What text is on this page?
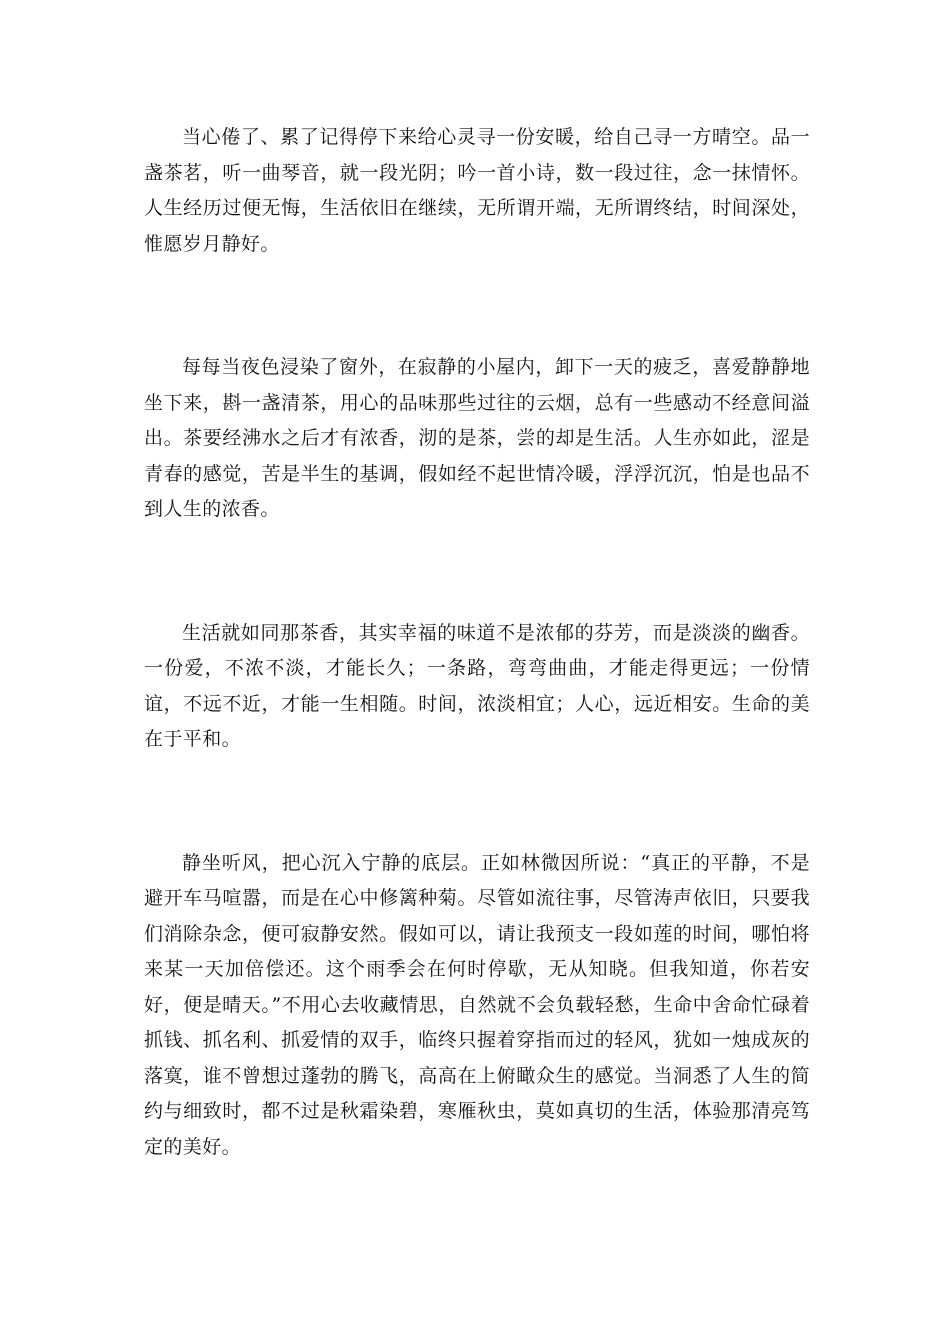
当心倦了、累了记得停下来给心灵寻一份安暖，给自己寻一方晴空。品一盏茶茗，听一曲琴音，就一段光阴；吟一首小诗，数一段过往，念一抹情怀。人生经历过便无悔，生活依旧在继续，无所谓开端，无所谓终结，时间深处，惟愿岁月静好。

每每当夜色浸染了窗外，在寂静的小屋内，卸下一天的疲乏，喜爱静静地坐下来，斟一盏清茶，用心的品味那些过往的云烟，总有一些感动不经意间溢出。茶要经沸水之后才有浓香，沏的是茶，尝的却是生活。人生亦如此，涩是青春的感觉，苦是半生的基调，假如经不起世情冷暖，浮浮沉沉，怕是也品不到人生的浓香。

生活就如同那茶香，其实幸福的味道不是浓郁的芬芳，而是淡淡的幽香。一份爱，不浓不淡，才能长久；一条路，弯弯曲曲，才能走得更远；一份情谊，不远不近，才能一生相随。时间，浓淡相宜；人心，远近相安。生命的美在于平和。

静坐听风，把心沉入宁静的底层。正如林微因所说：“真正的平静，不是避开车马喧嚣，而是在心中修篱种菊。尽管如流往事，尽管涛声依旧，只要我们消除杂念，便可寂静安然。假如可以，请让我预支一段如莲的时间，哪怕将来某一天加倍偿还。这个雨季会在何时停歇，无从知晓。但我知道，你若安好，便是晴天。”不用心去收藏情思，自然就不会负载轻愁，生命中舍命忙碌着抓钱、抓名利、抓爱情的双手，临终只握着穿指而过的轻风，犹如一烛成灰的落寞，谁不曾想过蓬勃的腾飞，高高在上俯瞰众生的感觉。当洞悉了人生的简约与细致时，都不过是秋霜染碧，寒雁秋虫，莫如真切的生活，体验那清亮笃定的美好。
